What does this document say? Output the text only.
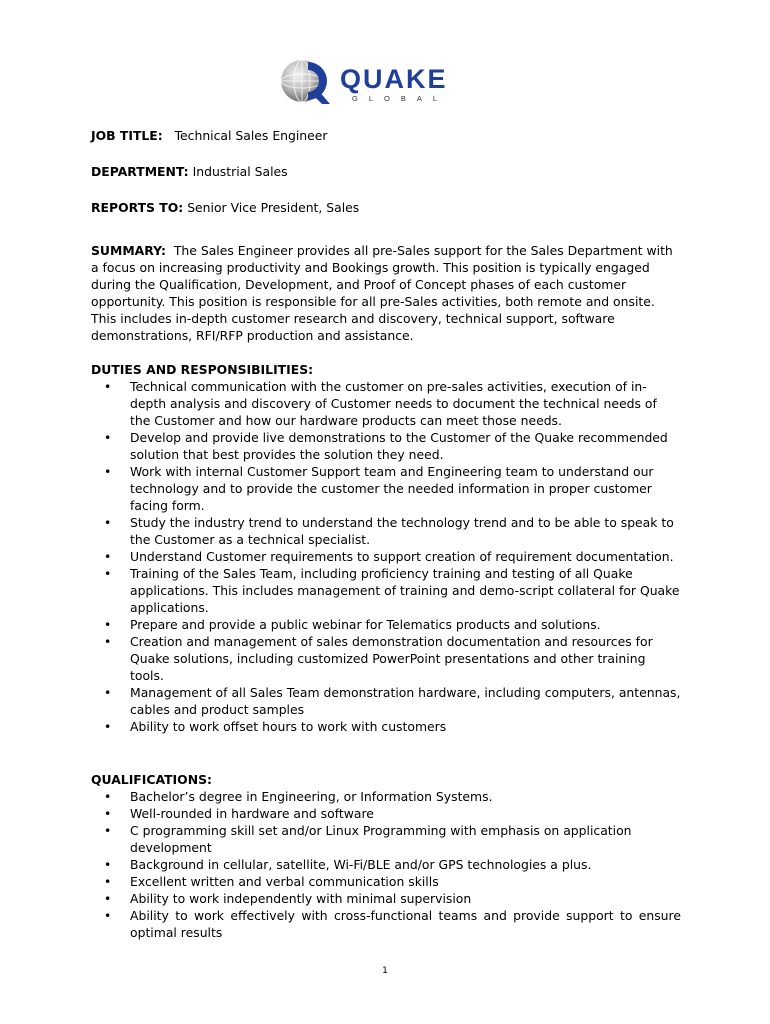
QUAKE
GLOBAL

JOB TITLE: Technical Sales Engineer

DEPARTMENT: Industrial Sales

REPORTS TO: Senior Vice President, Sales

SUMMARY: The Sales Engineer provides all pre-Sales support for the Sales Department with a focus on increasing productivity and Bookings growth. This position is typically engaged during the Qualification, Development, and Proof of Concept phases of each customer opportunity. This position is responsible for all pre-Sales activities, both remote and onsite. This includes in-depth customer research and discovery, technical support, software demonstrations, RFI/RFP production and assistance.

DUTIES AND RESPONSIBILITIES:

• Technical communication with the customer on pre-sales activities, execution of in-depth analysis and discovery of Customer needs to document the technical needs of the Customer and how our hardware products can meet those needs.
• Develop and provide live demonstrations to the Customer of the Quake recommended solution that best provides the solution they need.
• Work with internal Customer Support team and Engineering team to understand our technology and to provide the customer the needed information in proper customer facing form.
• Study the industry trend to understand the technology trend and to be able to speak to the Customer as a technical specialist.
• Understand Customer requirements to support creation of requirement documentation.
• Training of the Sales Team, including proficiency training and testing of all Quake applications. This includes management of training and demo-script collateral for Quake applications.
• Prepare and provide a public webinar for Telematics products and solutions.
• Creation and management of sales demonstration documentation and resources for Quake solutions, including customized PowerPoint presentations and other training tools.
• Management of all Sales Team demonstration hardware, including computers, antennas, cables and product samples
• Ability to work offset hours to work with customers

QUALIFICATIONS:

• Bachelor’s degree in Engineering, or Information Systems.
• Well-rounded in hardware and software
• C programming skill set and/or Linux Programming with emphasis on application development
• Background in cellular, satellite, Wi-Fi/BLE and/or GPS technologies a plus.
• Excellent written and verbal communication skills
• Ability to work independently with minimal supervision
• Ability to work effectively with cross-functional teams and provide support to ensure optimal results
1
